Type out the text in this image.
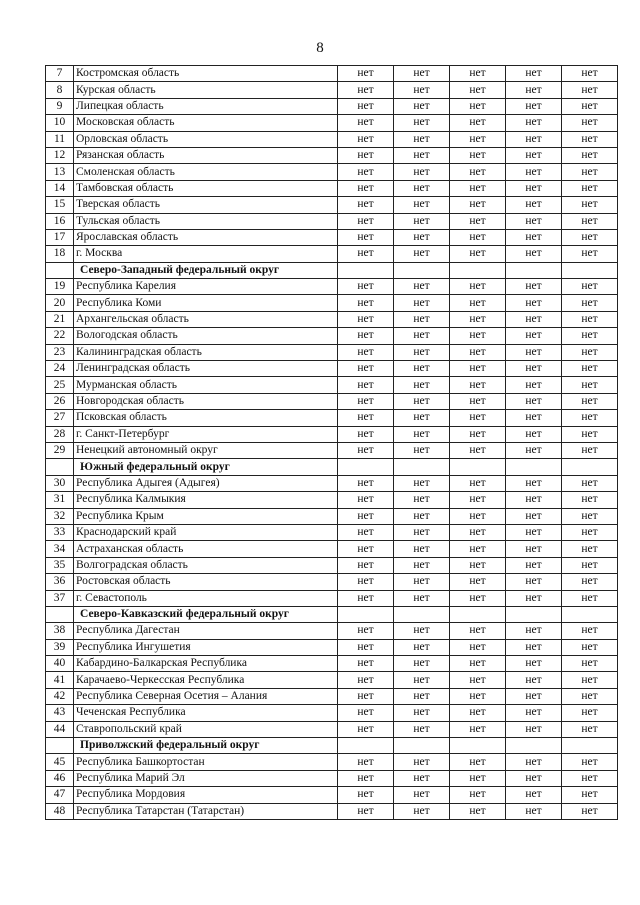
8
7	Костромская область	нет	нет	нет	нет	нет
8	Курская область	нет	нет	нет	нет	нет
9	Липецкая область	нет	нет	нет	нет	нет
10	Московская область	нет	нет	нет	нет	нет
11	Орловская область	нет	нет	нет	нет	нет
12	Рязанская область	нет	нет	нет	нет	нет
13	Смоленская область	нет	нет	нет	нет	нет
14	Тамбовская область	нет	нет	нет	нет	нет
15	Тверская область	нет	нет	нет	нет	нет
16	Тульская область	нет	нет	нет	нет	нет
17	Ярославская область	нет	нет	нет	нет	нет
18	г. Москва	нет	нет	нет	нет	нет
	Северо-Западный федеральный округ					
19	Республика Карелия	нет	нет	нет	нет	нет
20	Республика Коми	нет	нет	нет	нет	нет
21	Архангельская область	нет	нет	нет	нет	нет
22	Вологодская область	нет	нет	нет	нет	нет
23	Калининградская область	нет	нет	нет	нет	нет
24	Ленинградская область	нет	нет	нет	нет	нет
25	Мурманская область	нет	нет	нет	нет	нет
26	Новгородская область	нет	нет	нет	нет	нет
27	Псковская область	нет	нет	нет	нет	нет
28	г. Санкт-Петербург	нет	нет	нет	нет	нет
29	Ненецкий автономный округ	нет	нет	нет	нет	нет
	Южный федеральный округ					
30	Республика Адыгея (Адыгея)	нет	нет	нет	нет	нет
31	Республика Калмыкия	нет	нет	нет	нет	нет
32	Республика Крым	нет	нет	нет	нет	нет
33	Краснодарский край	нет	нет	нет	нет	нет
34	Астраханская область	нет	нет	нет	нет	нет
35	Волгоградская область	нет	нет	нет	нет	нет
36	Ростовская область	нет	нет	нет	нет	нет
37	г. Севастополь	нет	нет	нет	нет	нет
	Северо-Кавказский федеральный округ					
38	Республика Дагестан	нет	нет	нет	нет	нет
39	Республика Ингушетия	нет	нет	нет	нет	нет
40	Кабардино-Балкарская Республика	нет	нет	нет	нет	нет
41	Карачаево-Черкесская Республика	нет	нет	нет	нет	нет
42	Республика Северная Осетия – Алания	нет	нет	нет	нет	нет
43	Чеченская Республика	нет	нет	нет	нет	нет
44	Ставропольский край	нет	нет	нет	нет	нет
	Приволжский федеральный округ					
45	Республика Башкортостан	нет	нет	нет	нет	нет
46	Республика Марий Эл	нет	нет	нет	нет	нет
47	Республика Мордовия	нет	нет	нет	нет	нет
48	Республика Татарстан (Татарстан)	нет	нет	нет	нет	нет
